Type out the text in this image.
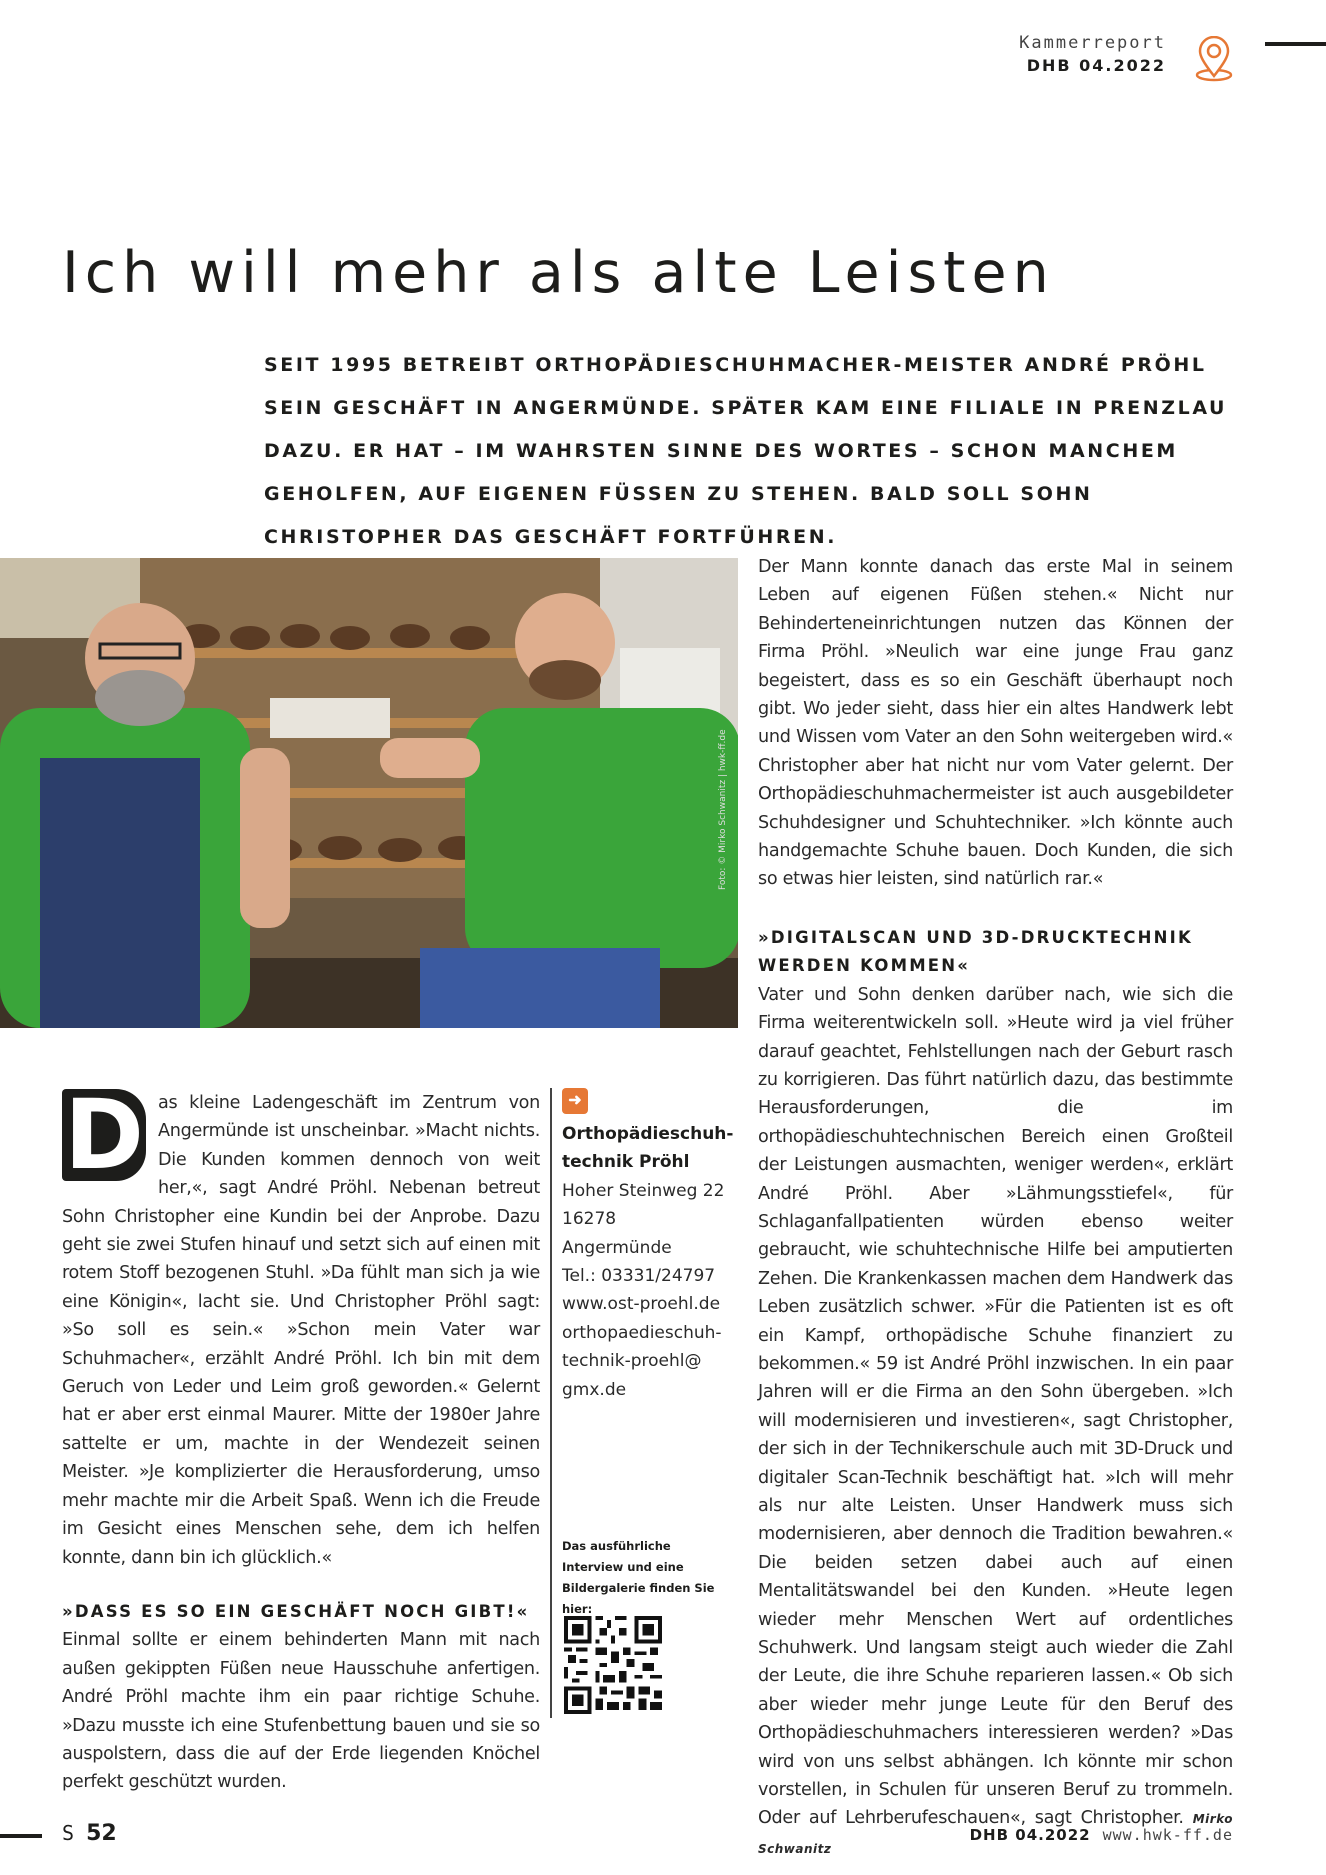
Kammerreport
DHB 04.2022
Ich will mehr als alte Leisten
SEIT 1995 BETREIBT ORTHOPÄDIESCHUHMACHER-MEISTER ANDRÉ PRÖHL SEIN GESCHÄFT IN ANGERMÜNDE. SPÄTER KAM EINE FILIALE IN PRENZLAU DAZU. ER HAT – IM WAHRSTEN SINNE DES WORTES – SCHON MANCHEM GEHOLFEN, AUF EIGENEN FÜSSEN ZU STEHEN. BALD SOLL SOHN CHRISTOPHER DAS GESCHÄFT FORTFÜHREN.
Foto: © Mirko Schwanitz | hwk-ff.de

D as kleine Ladengeschäft im Zentrum von Angermünde ist unscheinbar. »Macht nichts. Die Kunden kommen dennoch von weit her,«, sagt André Pröhl. Nebenan betreut Sohn Christopher eine Kundin bei der Anprobe. Dazu geht sie zwei Stufen hinauf und setzt sich auf einen mit rotem Stoff bezogenen Stuhl. »Da fühlt man sich ja wie eine Königin«, lacht sie. Und Christopher Pröhl sagt: »So soll es sein.« »Schon mein Vater war Schuhmacher«, erzählt André Pröhl. Ich bin mit dem Geruch von Leder und Leim groß geworden.« Gelernt hat er aber erst einmal Maurer. Mitte der 1980er Jahre sattelte er um, machte in der Wendezeit seinen Meister. »Je komplizierter die Herausforderung, umso mehr machte mir die Arbeit Spaß. Wenn ich die Freude im Gesicht eines Menschen sehe, dem ich helfen konnte, dann bin ich glücklich.«

»DASS ES SO EIN GESCHÄFT NOCH GIBT!«

Einmal sollte er einem behinderten Mann mit nach außen gekippten Füßen neue Hausschuhe anfertigen. André Pröhl machte ihm ein paar richtige Schuhe. »Dazu musste ich eine Stufenbettung bauen und sie so auspolstern, dass die auf der Erde liegenden Knöchel perfekt geschützt wurden.

➜
Orthopädieschuh-
technik Pröhl
Hoher Steinweg 22
16278 Angermünde
Tel.: 03331/24797
www.ost-proehl.de
orthopaedieschuh-
technik-proehl@
gmx.de
Das ausführliche Interview und eine Bildergalerie finden Sie hier:

Der Mann konnte danach das erste Mal in seinem Leben auf eigenen Füßen stehen.« Nicht nur Behinderteneinrichtungen nutzen das Können der Firma Pröhl. »Neulich war eine junge Frau ganz begeistert, dass es so ein Geschäft überhaupt noch gibt. Wo jeder sieht, dass hier ein altes Handwerk lebt und Wissen vom Vater an den Sohn weitergeben wird.« Christopher aber hat nicht nur vom Vater gelernt. Der Orthopädieschuhmachermeister ist auch ausgebildeter Schuhdesigner und Schuhtechniker. »Ich könnte auch handgemachte Schuhe bauen. Doch Kunden, die sich so etwas hier leisten, sind natürlich rar.«

»DIGITALSCAN UND 3D-DRUCKTECHNIK WERDEN KOMMEN«

Vater und Sohn denken darüber nach, wie sich die Firma weiterentwickeln soll. »Heute wird ja viel früher darauf geachtet, Fehlstellungen nach der Geburt rasch zu korrigieren. Das führt natürlich dazu, das bestimmte Herausforderungen, die im orthopädieschuhtechnischen Bereich einen Großteil der Leistungen ausmachten, weniger werden«, erklärt André Pröhl. Aber »Lähmungsstiefel«, für Schlaganfallpatienten würden ebenso weiter gebraucht, wie schuhtechnische Hilfe bei amputierten Zehen. Die Krankenkassen machen dem Handwerk das Leben zusätzlich schwer. »Für die Patienten ist es oft ein Kampf, orthopädische Schuhe finanziert zu bekommen.« 59 ist André Pröhl inzwischen. In ein paar Jahren will er die Firma an den Sohn übergeben. »Ich will modernisieren und investieren«, sagt Christopher, der sich in der Technikerschule auch mit 3D-Druck und digitaler Scan-Technik beschäftigt hat. »Ich will mehr als nur alte Leisten. Unser Handwerk muss sich modernisieren, aber dennoch die Tradition bewahren.« Die beiden setzen dabei auch auf einen Mentalitätswandel bei den Kunden. »Heute legen wieder mehr Menschen Wert auf ordentliches Schuhwerk. Und langsam steigt auch wieder die Zahl der Leute, die ihre Schuhe reparieren lassen.« Ob sich aber wieder mehr junge Leute für den Beruf des Orthopädieschuhmachers interessieren werden? »Das wird von uns selbst abhängen. Ich könnte mir schon vorstellen, in Schulen für unseren Beruf zu trommeln. Oder auf Lehrberufeschauen«, sagt Christopher. Mirko Schwanitz

S 52	DHB 04.2022 www.hwk-ff.de
